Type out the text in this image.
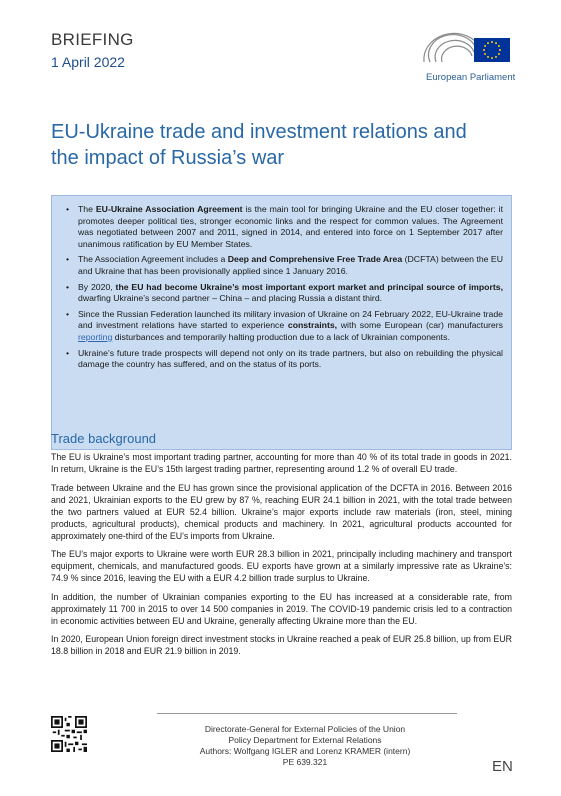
BRIEFING
1 April 2022
European Parliament
EU-Ukraine trade and investment relations and the impact of Russia’s war
• The EU-Ukraine Association Agreement is the main tool for bringing Ukraine and the EU closer together: it promotes deeper political ties, stronger economic links and the respect for common values. The Agreement was negotiated between 2007 and 2011, signed in 2014, and entered into force on 1 September 2017 after unanimous ratification by EU Member States.
• The Association Agreement includes a Deep and Comprehensive Free Trade Area (DCFTA) between the EU and Ukraine that has been provisionally applied since 1 January 2016.
• By 2020, the EU had become Ukraine’s most important export market and principal source of imports, dwarfing Ukraine’s second partner – China – and placing Russia a distant third.
• Since the Russian Federation launched its military invasion of Ukraine on 24 February 2022, EU-Ukraine trade and investment relations have started to experience constraints, with some European (car) manufacturers reporting disturbances and temporarily halting production due to a lack of Ukrainian components.
• Ukraine’s future trade prospects will depend not only on its trade partners, but also on rebuilding the physical damage the country has suffered, and on the status of its ports.
Trade background

The EU is Ukraine’s most important trading partner, accounting for more than 40 % of its total trade in goods in 2021. In return, Ukraine is the EU’s 15th largest trading partner, representing around 1.2 % of overall EU trade.

Trade between Ukraine and the EU has grown since the provisional application of the DCFTA in 2016. Between 2016 and 2021, Ukrainian exports to the EU grew by 87 %, reaching EUR 24.1 billion in 2021, with the total trade between the two partners valued at EUR 52.4 billion. Ukraine’s major exports include raw materials (iron, steel, mining products, agricultural products), chemical products and machinery. In 2021, agricultural products accounted for approximately one-third of the EU’s imports from Ukraine.

The EU’s major exports to Ukraine were worth EUR 28.3 billion in 2021, principally including machinery and transport equipment, chemicals, and manufactured goods. EU exports have grown at a similarly impressive rate as Ukraine’s: 74.9 % since 2016, leaving the EU with a EUR 4.2 billion trade surplus to Ukraine.

In addition, the number of Ukrainian companies exporting to the EU has increased at a considerable rate, from approximately 11 700 in 2015 to over 14 500 companies in 2019. The COVID-19 pandemic crisis led to a contraction in economic activities between EU and Ukraine, generally affecting Ukraine more than the EU.

In 2020, European Union foreign direct investment stocks in Ukraine reached a peak of EUR 25.8 billion, up from EUR 18.8 billion in 2018 and EUR 21.9 billion in 2019.

Directorate-General for External Policies of the Union
Policy Department for External Relations
Authors: Wolfgang IGLER and Lorenz KRAMER (intern)
PE 639.321	EN
